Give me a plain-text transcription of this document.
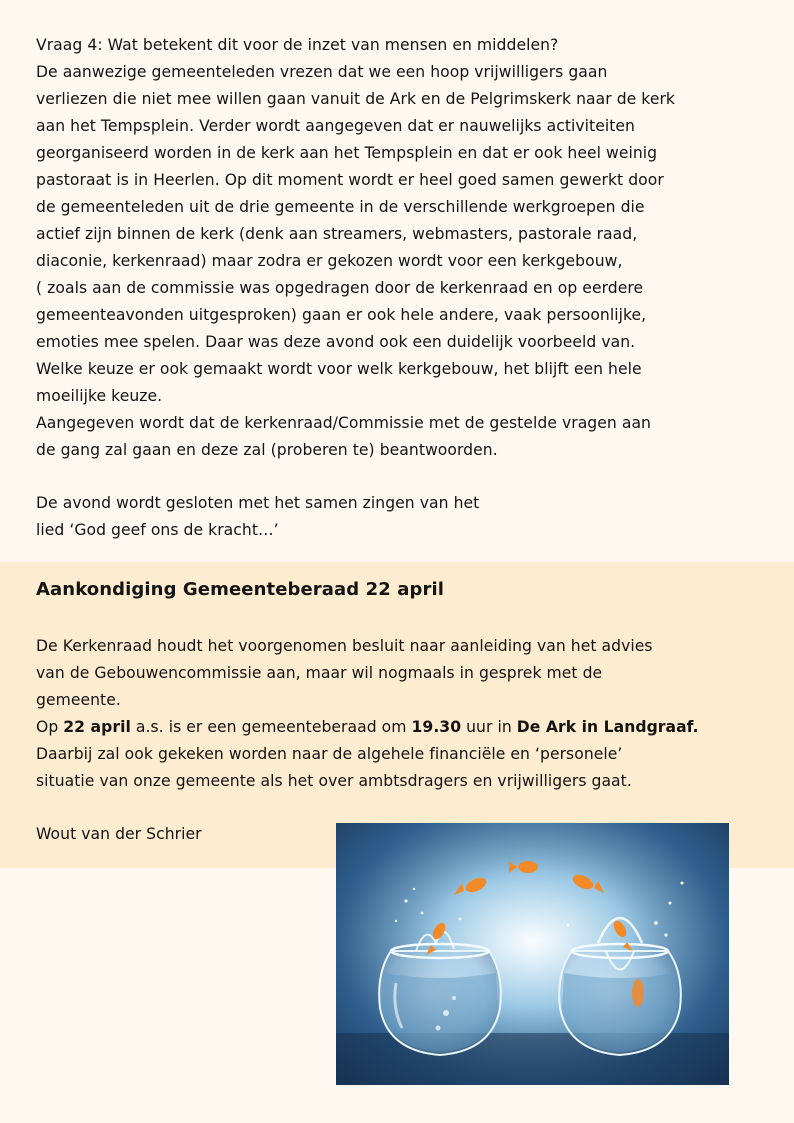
Vraag 4: Wat betekent dit voor de inzet van mensen en middelen?

De aanwezige gemeenteleden vrezen dat we een hoop vrijwilligers gaan
verliezen die niet mee willen gaan vanuit de Ark en de Pelgrimskerk naar de kerk
aan het Tempsplein. Verder wordt aangegeven dat er nauwelijks activiteiten
georganiseerd worden in de kerk aan het Tempsplein en dat er ook heel weinig
pastoraat is in Heerlen. Op dit moment wordt er heel goed samen gewerkt door
de gemeenteleden uit de drie gemeente in de verschillende werkgroepen die
actief zijn binnen de kerk (denk aan streamers, webmasters, pastorale raad,
diaconie, kerkenraad) maar zodra er gekozen wordt voor een kerkgebouw,
( zoals aan de commissie was opgedragen door de kerkenraad en op eerdere
gemeenteavonden uitgesproken) gaan er ook hele andere, vaak persoonlijke,
emoties mee spelen. Daar was deze avond ook een duidelijk voorbeeld van.
Welke keuze er ook gemaakt wordt voor welk kerkgebouw, het blijft een hele
moeilijke keuze.
Aangegeven wordt dat de kerkenraad/Commissie met de gestelde vragen aan
de gang zal gaan en deze zal (proberen te) beantwoorden.

De avond wordt gesloten met het samen zingen van het
lied ‘God geef ons de kracht…’

Aankondiging Gemeenteberaad 22 april

De Kerkenraad houdt het voorgenomen besluit naar aanleiding van het advies
van de Gebouwencommissie aan, maar wil nogmaals in gesprek met de
gemeente.

Op 22 april a.s. is er een gemeenteberaad om 19.30 uur in De Ark in Landgraaf.

Daarbij zal ook gekeken worden naar de algehele financiële en ‘personele’
situatie van onze gemeente als het over ambtsdragers en vrijwilligers gaat.

Wout van der Schrier
